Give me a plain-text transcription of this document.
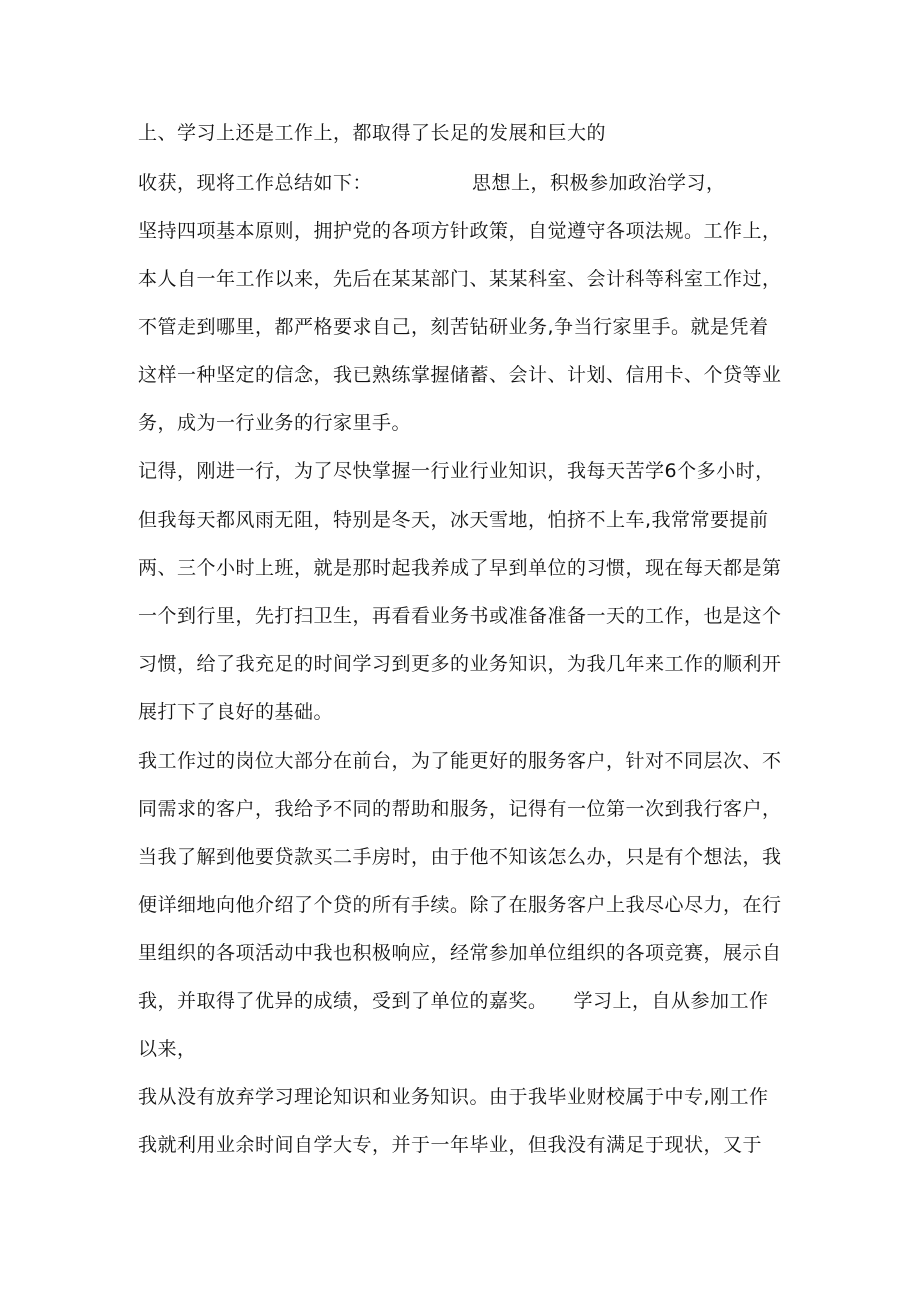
上、学习上还是工作上，都取得了长足的发展和巨大的
收获，现将工作总结如下：	思想上，积极参加政治学习，
坚持四项基本原则，拥护党的各项方针政策，自觉遵守各项法规。工作上，
本人自一年工作以来，先后在某某部门、某某科室、会计科等科室工作过，
不管走到哪里，都严格要求自己，刻苦钻研业务,争当行家里手。就是凭着
这样一种坚定的信念，我已熟练掌握储蓄、会计、计划、信用卡、个贷等业
务，成为一行业务的行家里手。
记得，刚进一行，为了尽快掌握一行业行业知识，我每天苦学6个多小时，
但我每天都风雨无阻，特别是冬天，冰天雪地，怕挤不上车,我常常要提前
两、三个小时上班，就是那时起我养成了早到单位的习惯，现在每天都是第
一个到行里，先打扫卫生，再看看业务书或准备准备一天的工作，也是这个
习惯，给了我充足的时间学习到更多的业务知识，为我几年来工作的顺利开
展打下了良好的基础。
我工作过的岗位大部分在前台，为了能更好的服务客户，针对不同层次、不
同需求的客户，我给予不同的帮助和服务，记得有一位第一次到我行客户，
当我了解到他要贷款买二手房时，由于他不知该怎么办，只是有个想法，我
便详细地向他介绍了个贷的所有手续。除了在服务客户上我尽心尽力，在行
里组织的各项活动中我也积极响应，经常参加单位组织的各项竞赛，展示自
我，并取得了优异的成绩，受到了单位的嘉奖。 学习上，自从参加工作
以来，
我从没有放弃学习理论知识和业务知识。由于我毕业财校属于中专,刚工作
我就利用业余时间自学大专，并于一年毕业，但我没有满足于现状，又于
